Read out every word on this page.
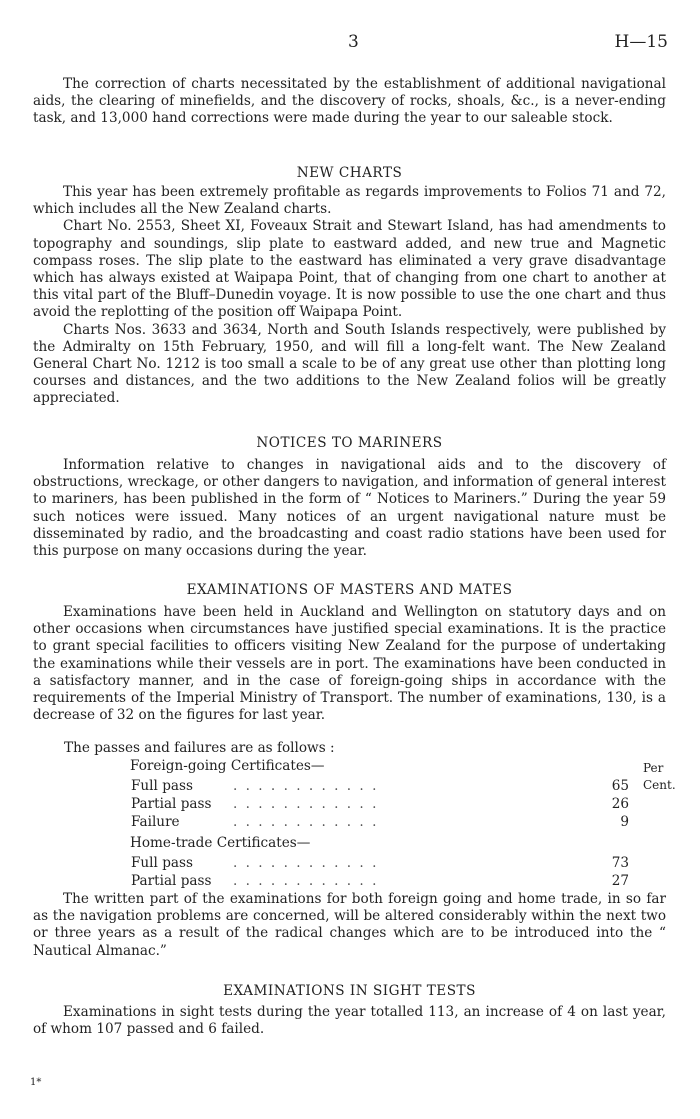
3	H—15

The correction of charts necessitated by the establishment of additional navigational aids, the clearing of minefields, and the discovery of rocks, shoals, &c., is a never-ending task, and 13,000 hand corrections were made during the year to our saleable stock.

NEW CHARTS

This year has been extremely profitable as regards improvements to Folios 71 and 72, which includes all the New Zealand charts.

Chart No. 2553, Sheet XI, Foveaux Strait and Stewart Island, has had amendments to topography and soundings, slip plate to eastward added, and new true and Magnetic compass roses. The slip plate to the eastward has eliminated a very grave disadvantage which has always existed at Waipapa Point, that of changing from one chart to another at this vital part of the Bluff–Dunedin voyage. It is now possible to use the one chart and thus avoid the replotting of the position off Waipapa Point.

Charts Nos. 3633 and 3634, North and South Islands respectively, were published by the Admiralty on 15th February, 1950, and will fill a long-felt want. The New Zealand General Chart No. 1212 is too small a scale to be of any great use other than plotting long courses and distances, and the two additions to the New Zealand folios will be greatly appreciated.

NOTICES TO MARINERS

Information relative to changes in navigational aids and to the discovery of obstructions, wreckage, or other dangers to navigation, and information of general interest to mariners, has been published in the form of “ Notices to Mariners.” During the year 59 such notices were issued. Many notices of an urgent navigational nature must be disseminated by radio, and the broadcasting and coast radio stations have been used for this purpose on many occasions during the year.

EXAMINATIONS OF MASTERS AND MATES

Examinations have been held in Auckland and Wellington on statutory days and on other occasions when circumstances have justified special examinations. It is the practice to grant special facilities to officers visiting New Zealand for the purpose of undertaking the examinations while their vessels are in port. The examinations have been conducted in a satisfactory manner, and in the case of foreign-going ships in accordance with the requirements of the Imperial Ministry of Transport. The number of examinations, 130, is a decrease of 32 on the figures for last year.

The passes and failures are as follows :
Foreign-going Certificates—	Per Cent.
Full pass	. . . . . . . . . . . .	65
Partial pass . . . . . . . . . . . .	26
Failure	. . . . . . . . . . . .	9
Home-trade Certificates—
Full pass	. . . . . . . . . . . .	73
Partial pass . . . . . . . . . . . .	27

The written part of the examinations for both foreign going and home trade, in so far as the navigation problems are concerned, will be altered considerably within the next two or three years as a result of the radical changes which are to be introduced into the “ Nautical Almanac.”

EXAMINATIONS IN SIGHT TESTS

Examinations in sight tests during the year totalled 113, an increase of 4 on last year, of whom 107 passed and 6 failed.

1*
